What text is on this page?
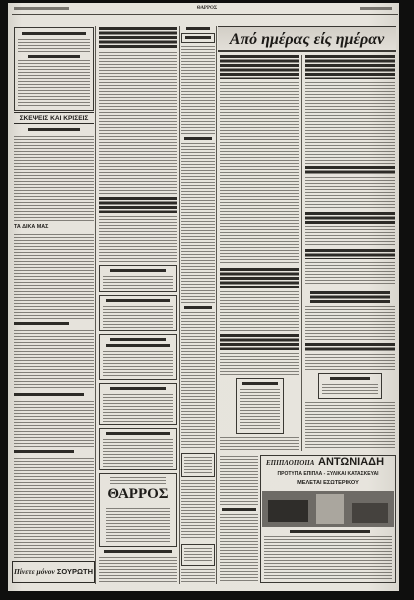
ΘΑΡΡΟΣ
ΣΚΕΨΕΙΣ ΚΑΙ ΚΡΙΣΕΙΣ
ΤΑ ΔΙΚΑ ΜΑΣ
Πίνετε μόνον ΣΟΥΡΩΤΗ
Από ημέρας είς ημέραν
ΘΑΡΡΟΣ
ΕΠΙΠΛΟΠΟΙΙΑ ΑΝΤΩΝΙΑΔΗ
ΠΡΟΤΥΠΑ ΕΠΙΠΛΑ - ΞΥΛΙΚΑΙ ΚΑΤΑΣΚΕΥΑΙ
ΜΕΛΕΤΑΙ ΕΣΩΤΕΡΙΚΟΥ
